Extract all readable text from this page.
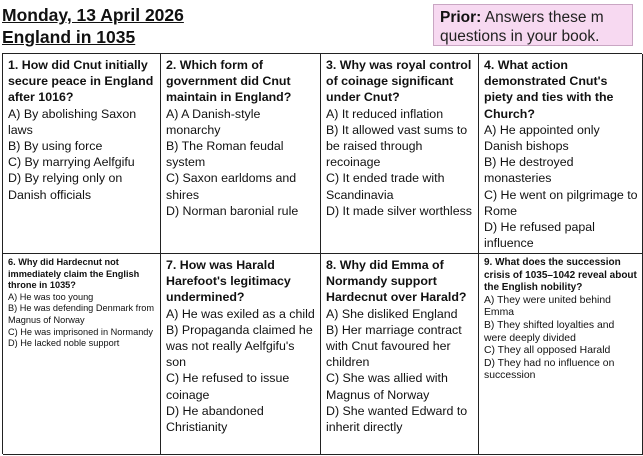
Monday, 13 April 2026
England in 1035
Prior: Answers these m
questions in your book.
1. How did Cnut initially secure peace in England after 1016?
A) By abolishing Saxon laws
B) By using force
C) By marrying Aelfgifu
D) By relying only on Danish officials
2. Which form of government did Cnut maintain in England?
A) A Danish-style monarchy
B) The Roman feudal system
C) Saxon earldoms and shires
D) Norman baronial rule
3. Why was royal control of coinage significant under Cnut?
A) It reduced inflation
B) It allowed vast sums to be raised through recoinage
C) It ended trade with Scandinavia
D) It made silver worthless
4. What action demonstrated Cnut's piety and ties with the Church?
A) He appointed only Danish bishops
B) He destroyed monasteries
C) He went on pilgrimage to Rome
D) He refused papal influence
6. Why did Hardecnut not immediately claim the English throne in 1035?
A) He was too young
B) He was defending Denmark from Magnus of Norway
C) He was imprisoned in Normandy
D) He lacked noble support
7. How was Harald Harefoot's legitimacy undermined?
A) He was exiled as a child
B) Propaganda claimed he was not really Aelfgifu's son
C) He refused to issue coinage
D) He abandoned Christianity
8. Why did Emma of Normandy support Hardecnut over Harald?
A) She disliked England
B) Her marriage contract with Cnut favoured her children
C) She was allied with Magnus of Norway
D) She wanted Edward to inherit directly
9. What does the succession crisis of 1035–1042 reveal about the English nobility?
A) They were united behind Emma
B) They shifted loyalties and were deeply divided
C) They all opposed Harald
D) They had no influence on succession
